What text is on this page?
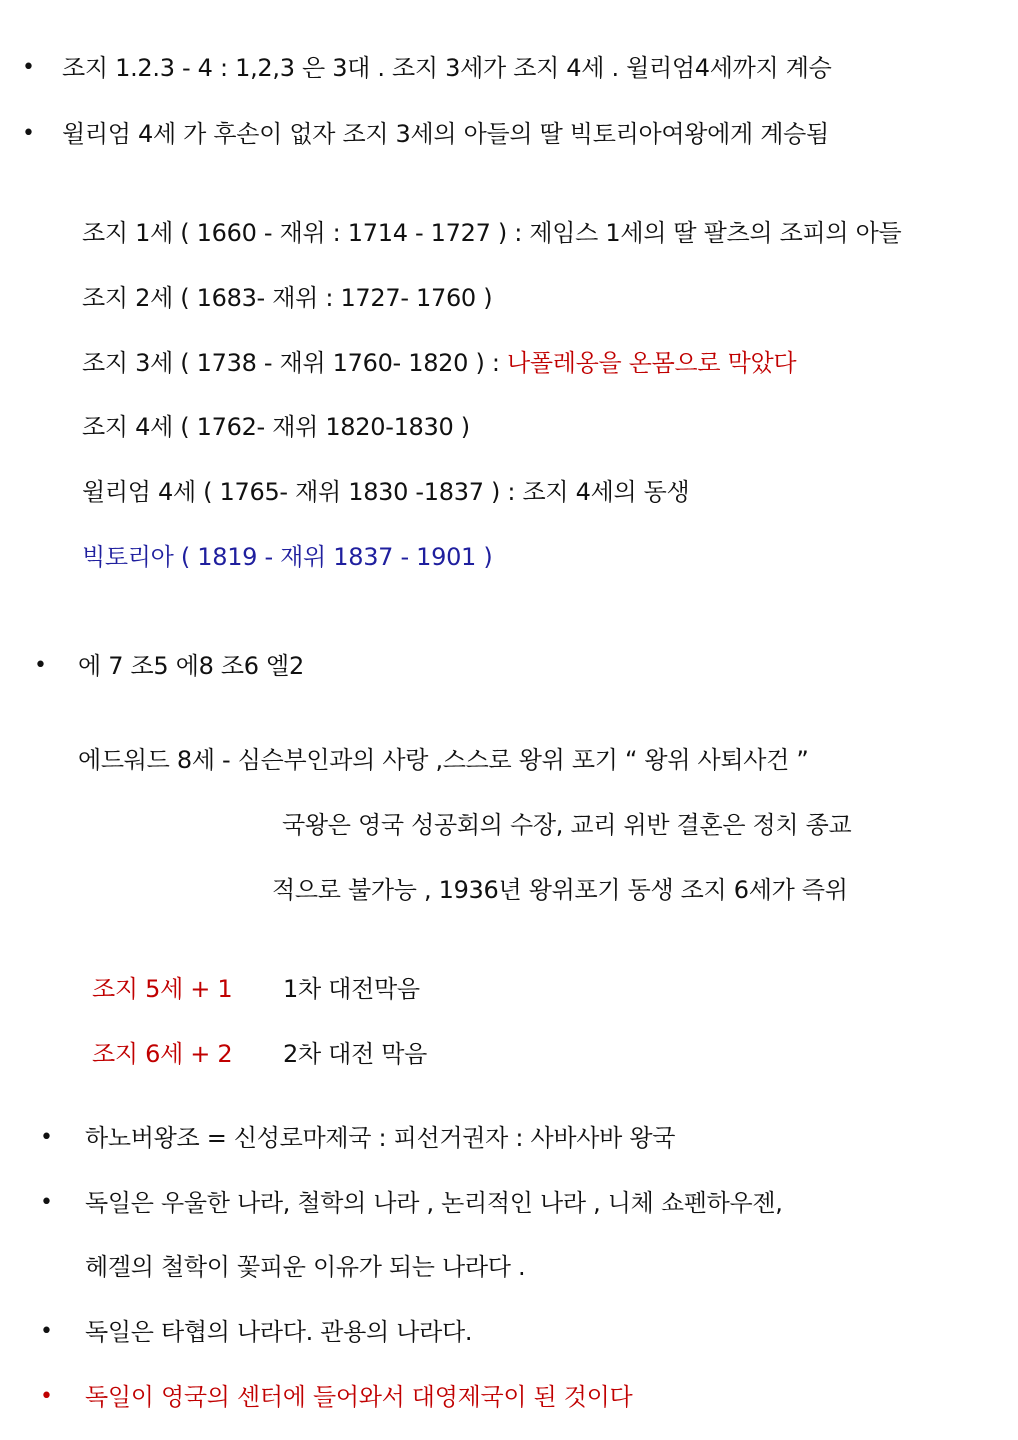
• 조지 1.2.3 - 4 : 1,2,3 은 3대 . 조지 3세가 조지 4세 . 윌리엄4세까지 계승
• 윌리엄 4세 가 후손이 없자 조지 3세의 아들의 딸 빅토리아여왕에게 계승됨
조지 1세 ( 1660 - 재위 : 1714 - 1727 ) : 제임스 1세의 딸 팔츠의 조피의 아들
조지 2세 ( 1683- 재위 : 1727- 1760 )
조지 3세 ( 1738 - 재위 1760- 1820 ) : 나폴레옹을 온몸으로 막았다
조지 4세 ( 1762- 재위 1820-1830 )
윌리엄 4세 ( 1765- 재위 1830 -1837 ) : 조지 4세의 동생
빅토리아 ( 1819 - 재위 1837 - 1901 )
• 에 7 조5 에8 조6 엘2
에드워드 8세 - 심슨부인과의 사랑 ,스스로 왕위 포기 “ 왕위 사퇴사건 ”
국왕은 영국 성공회의 수장, 교리 위반 결혼은 정치 종교
적으로 불가능 , 1936년 왕위포기 동생 조지 6세가 즉위
조지 5세 + 1 1차 대전막음
조지 6세 + 2 2차 대전 막음
• 하노버왕조 = 신성로마제국 : 피선거권자 : 사바사바 왕국
• 독일은 우울한 나라, 철학의 나라 , 논리적인 나라 , 니체 쇼펜하우젠,
헤겔의 철학이 꽃피운 이유가 되는 나라다 .
• 독일은 타협의 나라다. 관용의 나라다.
• 독일이 영국의 센터에 들어와서 대영제국이 된 것이다
